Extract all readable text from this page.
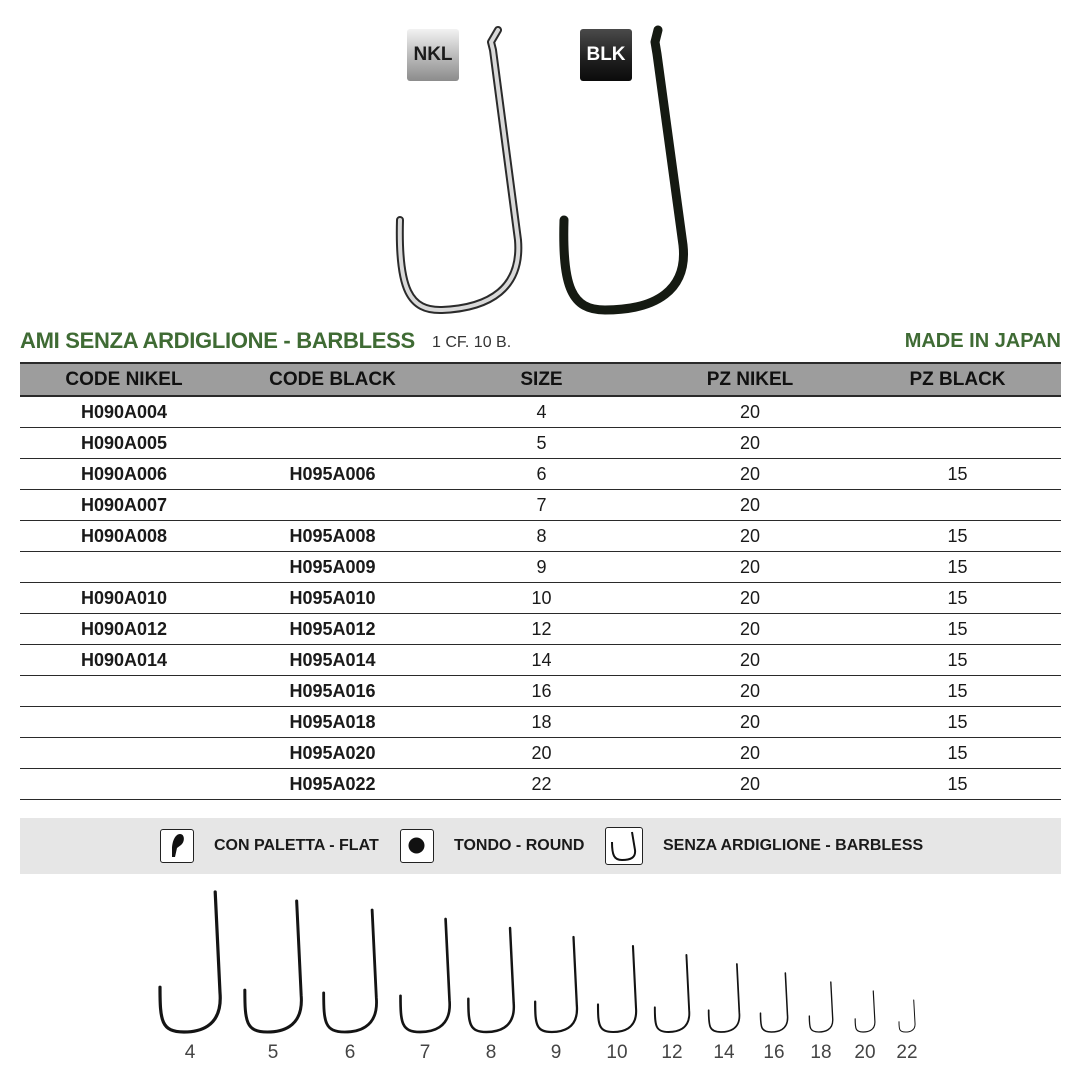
NKL	BLK
AMI SENZA ARDIGLIONE - BARBLESS 1 CF. 10 B.	MADE IN JAPAN
CODE NIKEL	CODE BLACK	SIZE	PZ NIKEL	PZ BLACK
H090A004		4	20	
H090A005		5	20	
H090A006	H095A006	6	20	15
H090A007		7	20	
H090A008	H095A008	8	20	15
	H095A009	9	20	15
H090A010	H095A010	10	20	15
H090A012	H095A012	12	20	15
H090A014	H095A014	14	20	15
	H095A016	16	20	15
	H095A018	18	20	15
	H095A020	20	20	15
	H095A022	22	20	15
CON PALETTA - FLAT	TONDO - ROUND	SENZA ARDIGLIONE - BARBLESS
4	5	6	7	8	9	10	12	14	16	18	20	22
